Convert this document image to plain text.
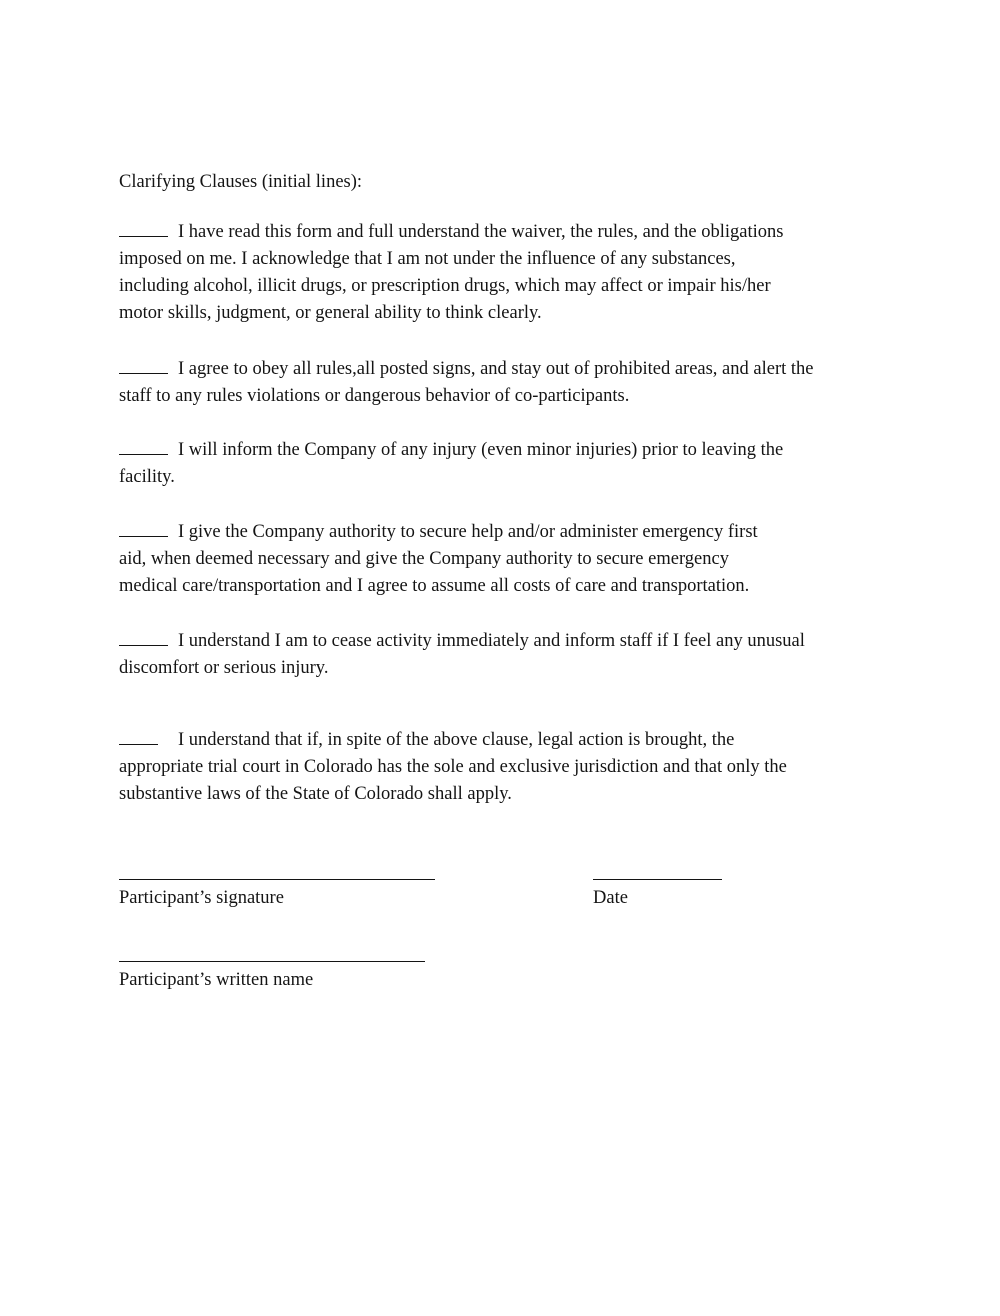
Clarifying Clauses (initial lines):
I have read this form and full understand the waiver, the rules, and the obligations
imposed on me. I acknowledge that I am not under the influence of any substances,
including alcohol, illicit drugs, or prescription drugs, which may affect or impair his/her
motor skills, judgment, or general ability to think clearly.
I agree to obey all rules,all posted signs, and stay out of prohibited areas, and alert the
staff to any rules violations or dangerous behavior of co-participants.
I will inform the Company of any injury (even minor injuries) prior to leaving the
facility.
I give the Company authority to secure help and/or administer emergency first
aid, when deemed necessary and give the Company authority to secure emergency
medical care/transportation and I agree to assume all costs of care and transportation.
I understand I am to cease activity immediately and inform staff if I feel any unusual
discomfort or serious injury.
I understand that if, in spite of the above clause, legal action is brought, the
appropriate trial court in Colorado has the sole and exclusive jurisdiction and that only the
substantive laws of the State of Colorado shall apply.
Participant’s signature	Date
Participant’s written name
